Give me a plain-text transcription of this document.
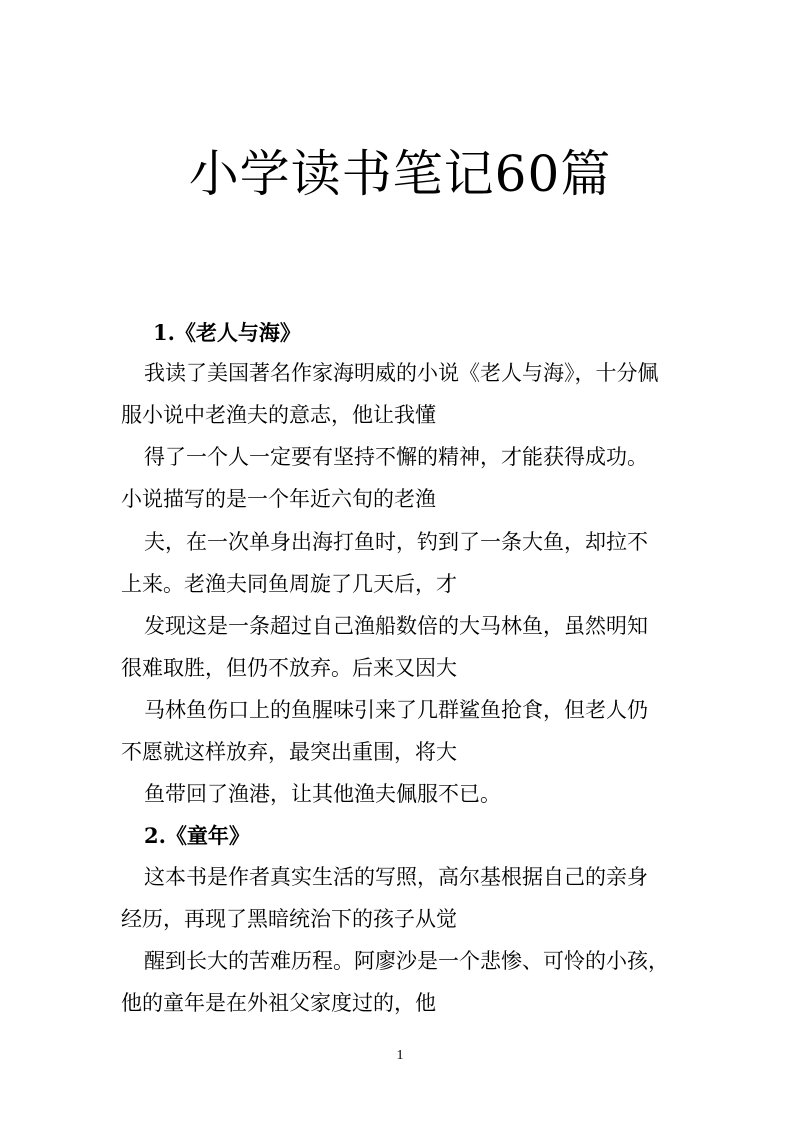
小学读书笔记60篇
1.《老人与海》
我读了美国著名作家海明威的小说《老人与海》，十分佩
服小说中老渔夫的意志，他让我懂
得了一个人一定要有坚持不懈的精神，才能获得成功。
小说描写的是一个年近六旬的老渔
夫，在一次单身出海打鱼时，钓到了一条大鱼，却拉不
上来。老渔夫同鱼周旋了几天后，才
发现这是一条超过自己渔船数倍的大马林鱼，虽然明知
很难取胜，但仍不放弃。后来又因大
马林鱼伤口上的鱼腥味引来了几群鲨鱼抢食，但老人仍
不愿就这样放弃，最突出重围，将大
鱼带回了渔港，让其他渔夫佩服不已。
2.《童年》
这本书是作者真实生活的写照，高尔基根据自己的亲身
经历，再现了黑暗统治下的孩子从觉
醒到长大的苦难历程。阿廖沙是一个悲惨、可怜的小孩，
他的童年是在外祖父家度过的，他
1
